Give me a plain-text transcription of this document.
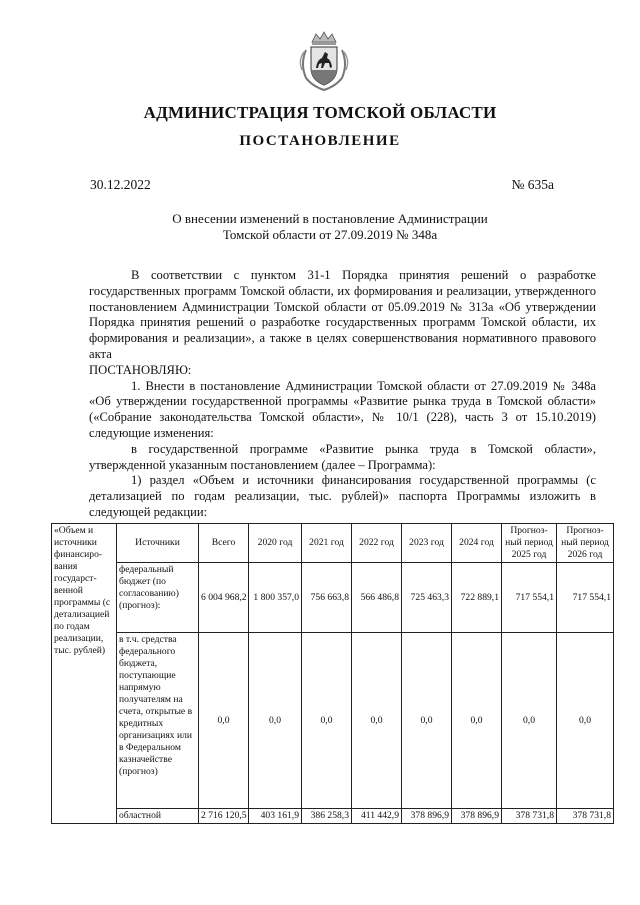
АДМИНИСТРАЦИЯ ТОМСКОЙ ОБЛАСТИ
ПОСТАНОВЛЕНИЕ
30.12.2022	№ 635а
О внесении изменений в постановление Администрации
Томской области от 27.09.2019 № 348а

В соответствии с пунктом 31-1 Порядка принятия решений о разработке государственных программ Томской области, их формирования и реализации, утвержденного постановлением Администрации Томской области от 05.09.2019 № 313а «Об утверждении Порядка принятия решений о разработке государственных программ Томской области, их формирования и реализации», а также в целях совершенствования нормативного правового акта

ПОСТАНОВЛЯЮ:

1. Внести в постановление Администрации Томской области от 27.09.2019 № 348а «Об утверждении государственной программы «Развитие рынка труда в Томской области» («Собрание законодательства Томской области», № 10/1 (228), часть 3 от 15.10.2019) следующие изменения:

в государственной программе «Развитие рынка труда в Томской области», утвержденной указанным постановлением (далее – Программа):

1) раздел «Объем и источники финансирования государственной программы (с детализацией по годам реализации, тыс. рублей)» паспорта Программы изложить в следующей редакции:

«Объем и источники финансиро-вания государст-венной программы (с детализацией по годам реализации, тыс. рублей)	Источники	Всего	2020 год	2021 год	2022 год	2023 год	2024 год	Прогноз-ный период 2025 год	Прогноз-ный период 2026 год
	федеральный бюджет (по согласованию) (прогноз):	6 004 968,2	1 800 357,0	756 663,8	566 486,8	725 463,3	722 889,1	717 554,1	717 554,1
	в т.ч. средства федерального бюджета, поступающие напрямую получателям на счета, открытые в кредитных организациях или в Федеральном казначействе (прогноз)	0,0	0,0	0,0	0,0	0,0	0,0	0,0	0,0
	областной	2 716 120,5	403 161,9	386 258,3	411 442,9	378 896,9	378 896,9	378 731,8	378 731,8
